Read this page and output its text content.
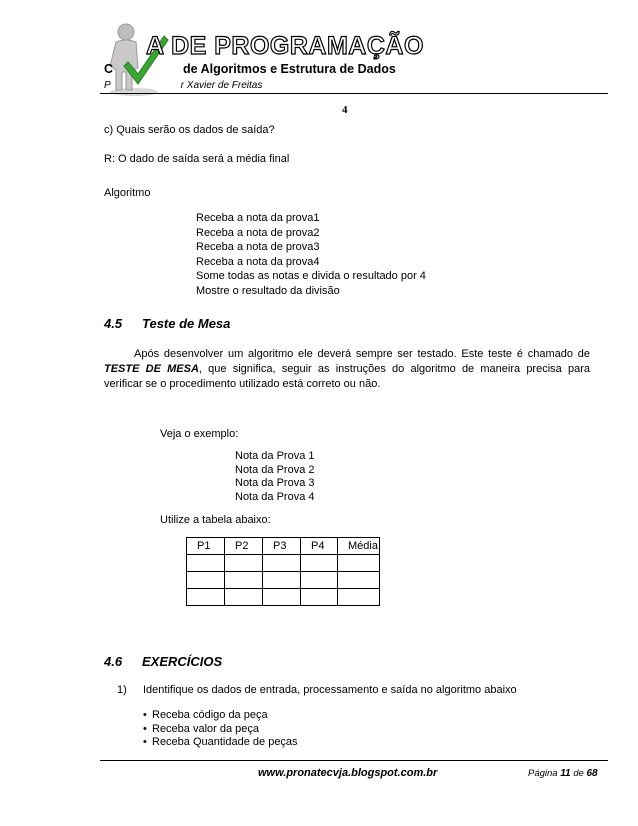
A DE PROGRAMAÇÃO
C	de Algoritmos e Estrutura de Dados
P	r Xavier de Freitas
4
c) Quais serão os dados de saída?
R: O dado de saída será a média final
Algoritmo
Receba a nota da prova1
Receba a nota de prova2
Receba a nota de prova3
Receba a nota da prova4
Some todas as notas e divida o resultado por 4
Mostre o resultado da divisão
4.5 Teste de Mesa
Após desenvolver um algoritmo ele deverá sempre ser testado. Este teste é chamado de TESTE DE MESA, que significa, seguir as instruções do algoritmo de maneira precisa para verificar se o procedimento utilizado está correto ou não.
Veja o exemplo:
Nota da Prova 1
Nota da Prova 2
Nota da Prova 3
Nota da Prova 4
Utilize a tabela abaixo:
P1	P2	P3	P4	Média

4.6 EXERCÍCIOS
1) Identifique os dados de entrada, processamento e saída no algoritmo abaixo
• Receba código da peça
• Receba valor da peça
• Receba Quantidade de peças
www.pronatecvja.blogspot.com.br	Página 11 de 68
